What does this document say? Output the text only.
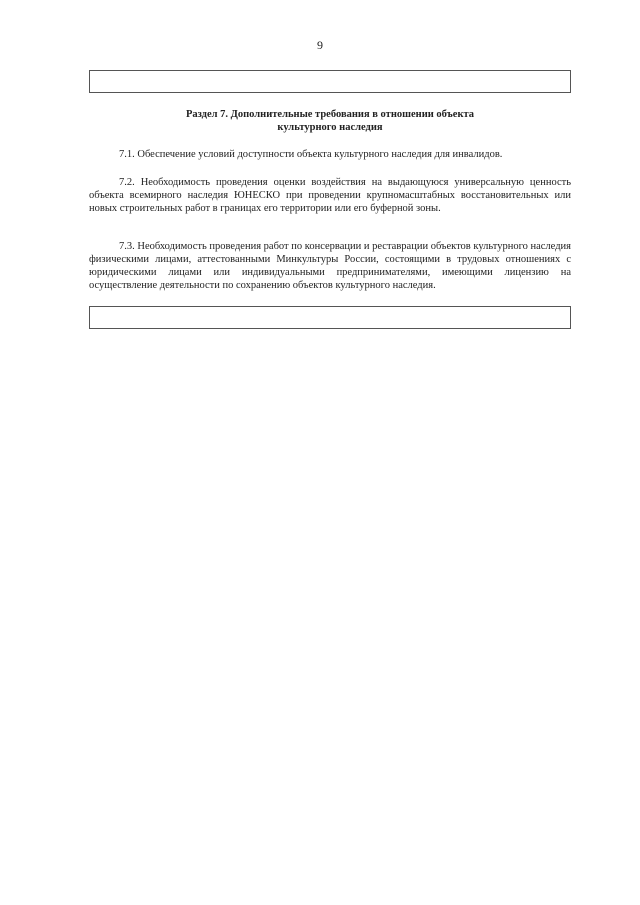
9
Раздел 7. Дополнительные требования в отношении объекта
культурного наследия

7.1. Обеспечение условий доступности объекта культурного наследия для инвалидов.

7.2. Необходимость проведения оценки воздействия на выдающуюся универсальную ценность объекта всемирного наследия ЮНЕСКО при проведении крупномасштабных восстановительных или новых строительных работ в границах его территории или его буферной зоны.

7.3. Необходимость проведения работ по консервации и реставрации объектов культурного наследия физическими лицами, аттестованными Минкультуры России, состоящими в трудовых отношениях с юридическими лицами или индивидуальными предпринимателями, имеющими лицензию на осуществление деятельности по сохранению объектов культурного наследия.
